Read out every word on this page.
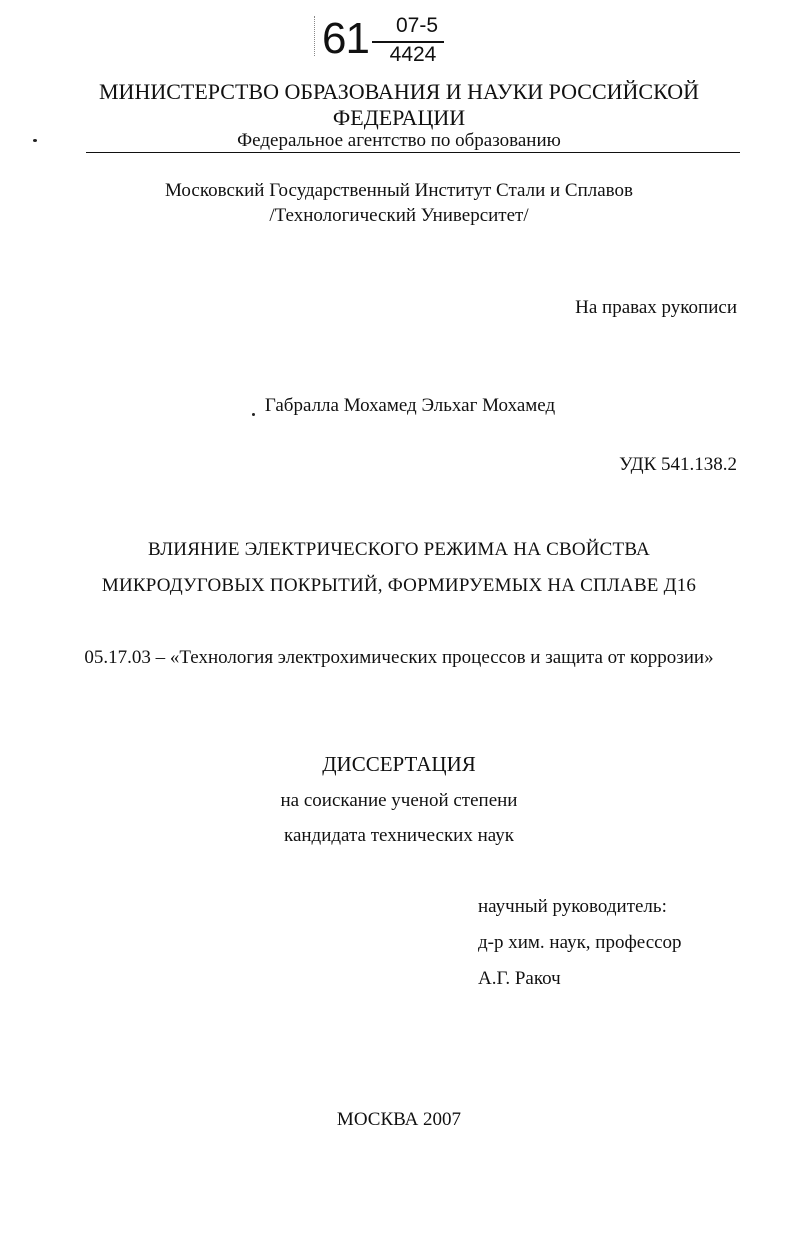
61	07-5
4424
МИНИСТЕРСТВО ОБРАЗОВАНИЯ И НАУКИ РОССИЙСКОЙ
ФЕДЕРАЦИИ
Федеральное агентство по образованию
Московский Государственный Институт Стали и Сплавов
/Технологический Университет/
На правах рукописи
Габралла Мохамед Эльхаг Мохамед
УДК 541.138.2
ВЛИЯНИЕ ЭЛЕКТРИЧЕСКОГО РЕЖИМА НА СВОЙСТВА
МИКРОДУГОВЫХ ПОКРЫТИЙ, ФОРМИРУЕМЫХ НА СПЛАВЕ Д16
05.17.03 – «Технология электрохимических процессов и защита от коррозии»
ДИССЕРТАЦИЯ
на соискание ученой степени
кандидата технических наук
научный руководитель:
д-р хим. наук, профессор
А.Г. Ракоч
МОСКВА 2007
